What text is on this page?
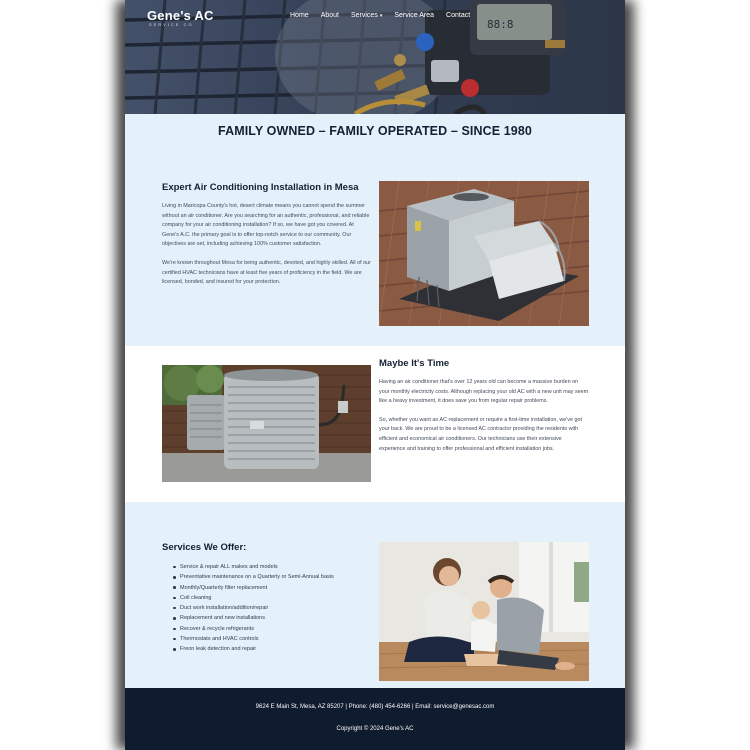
88:8
Gene's AC
SERVICE CO
Home About Services ▾ Service Area Contact
FAMILY OWNED – FAMILY OPERATED – SINCE 1980
Expert Air Conditioning Installation in Mesa

Living in Maricopa County's hot, desert climate means you cannot spend the summer without an air conditioner. Are you searching for an authentic, professional, and reliable company for your air conditioning installation? If so, we have got you covered. At Gene's A.C. the primary goal is to offer top-notch service to our community. Our objectives are set, including achieving 100% customer satisfaction.

We're known throughout Mesa for being authentic, devoted, and highly skilled. All of our certified HVAC technicians have at least five years of proficiency in the field. We are licensed, bonded, and insured for your protection.

Maybe It's Time

Having an air conditioner that's over 12 years old can become a massive burden on your monthly electricity costs. Although replacing your old AC with a new unit may seem like a heavy investment, it does save you from regular repair problems.

So, whether you want an AC replacement or require a first-time installation, we've got your back. We are proud to be a licensed AC contractor providing the residents with efficient and economical air conditioners. Our technicians use their extensive experience and training to offer professional and efficient installation jobs.

Services We Offer:
Service & repair ALL makes and models
Preventative maintenance on a Quarterly or Semi-Annual basis
Monthly/Quarterly filter replacement
Coil cleaning
Duct work installation/addition/repair
Replacement and new installations
Recover & recycle refrigerants
Thermostats and HVAC controls
Freon leak detection and repair
9624 E Main St, Mesa, AZ 85207 | Phone: (480) 454-6266 | Email: service@genesac.com
Copyright © 2024 Gene's AC
